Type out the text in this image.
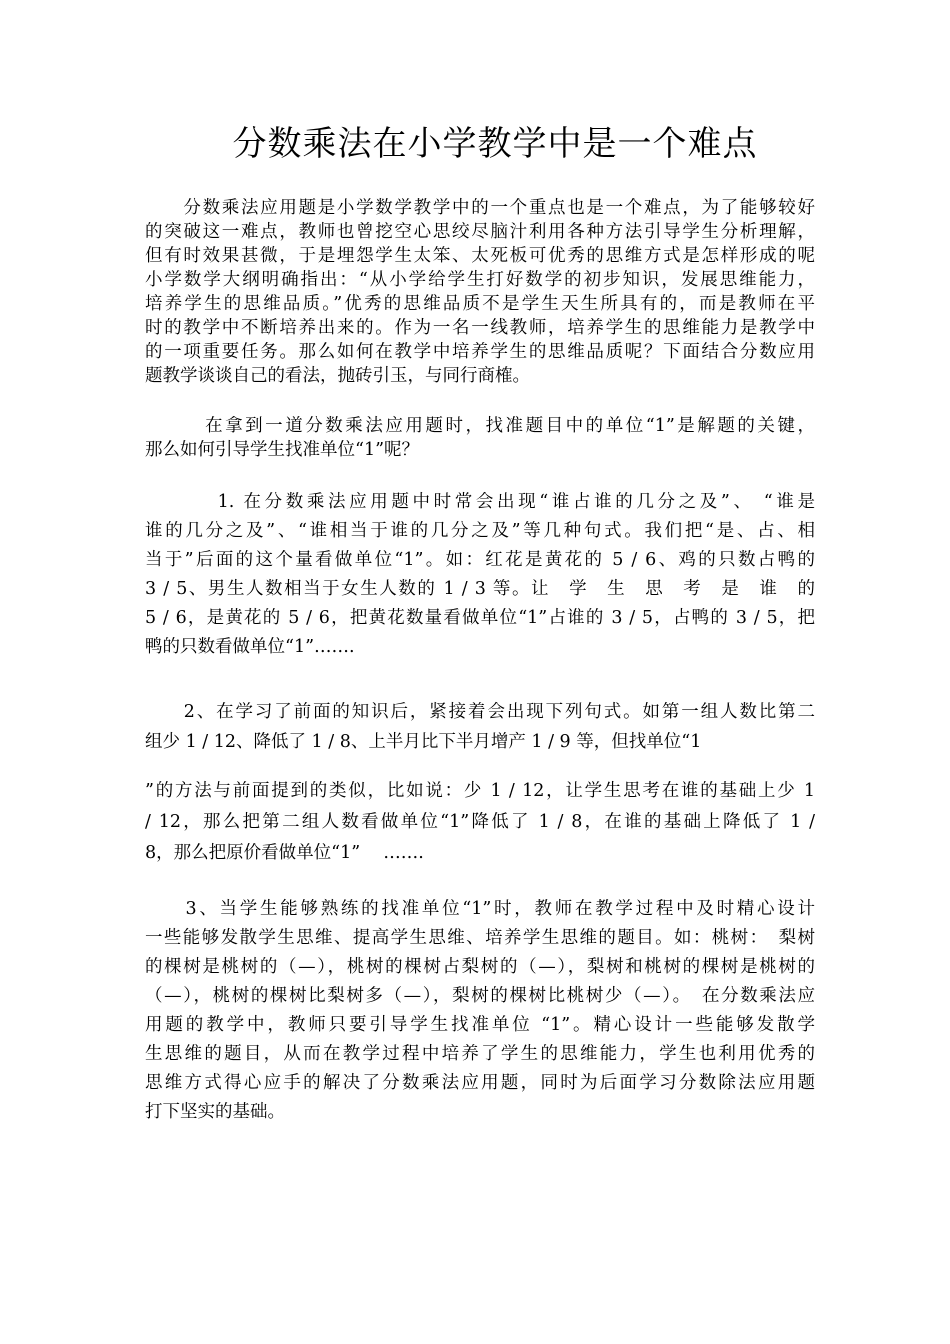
分数乘法在小学教学中是一个难点
　　分数乘法应用题是小学数学教学中的一个重点也是一个难点，为了能够较好
的突破这一难点，教师也曾挖空心思绞尽脑汁利用各种方法引导学生分析理解，
但有时效果甚微，于是埋怨学生太笨、太死板可优秀的思维方式是怎样形成的呢
小学数学大纲明确指出：“从小学给学生打好数学的初步知识，发展思维能力，
培养学生的思维品质。”优秀的思维品质不是学生天生所具有的，而是教师在平
时的教学中不断培养出来的。作为一名一线教师，培养学生的思维能力是教学中
的一项重要任务。那么如何在教学中培养学生的思维品质呢？下面结合分数应用
题教学谈谈自己的看法，抛砖引玉，与同行商榷。
　　　在拿到一道分数乘法应用题时，找准题目中的单位“1”是解题的关键，
那么如何引导学生找准单位“1”呢？
　　　 1. 在分数乘法应用题中时常会出现“谁占谁的几分之及”、 “谁是
谁的几分之及”、“谁相当于谁的几分之及”等几种句式。我们把“是、占、相
当于”后面的这个量看做单位“1”。如：红花是黄花的 5 / 6、鸡的只数占鸭的
3 / 5、男生人数相当于女生人数的 1 / 3 等。让　学　生　思　考　是　谁　的
5 / 6，是黄花的 5 / 6，把黄花数量看做单位“1”占谁的 3 / 5，占鸭的 3 / 5，把
鸭的只数看做单位“1”…….
　　2、在学习了前面的知识后，紧接着会出现下列句式。如第一组人数比第二
组少 1 / 12、降低了 1 / 8、上半月比下半月增产 1 / 9 等，但找单位“1
”的方法与前面提到的类似，比如说：少 1 / 12，让学生思考在谁的基础上少 1
/ 12，那么把第二组人数看做单位“1”降低了 1 / 8，在谁的基础上降低了 1 /
8，那么把原价看做单位“1”　 …….
　　3、当学生能够熟练的找准单位“1”时，教师在教学过程中及时精心设计
一些能够发散学生思维、提高学生思维、培养学生思维的题目。如：桃树：　梨树
的棵树是桃树的（—），桃树的棵树占梨树的（—），梨树和桃树的棵树是桃树的
（—），桃树的棵树比梨树多（—），梨树的棵树比桃树少（—）。　在分数乘法应
用题的教学中，教师只要引导学生找准单位 “1”。精心设计一些能够发散学
生思维的题目，从而在教学过程中培养了学生的思维能力，学生也利用优秀的
思维方式得心应手的解决了分数乘法应用题，同时为后面学习分数除法应用题
打下坚实的基础。
